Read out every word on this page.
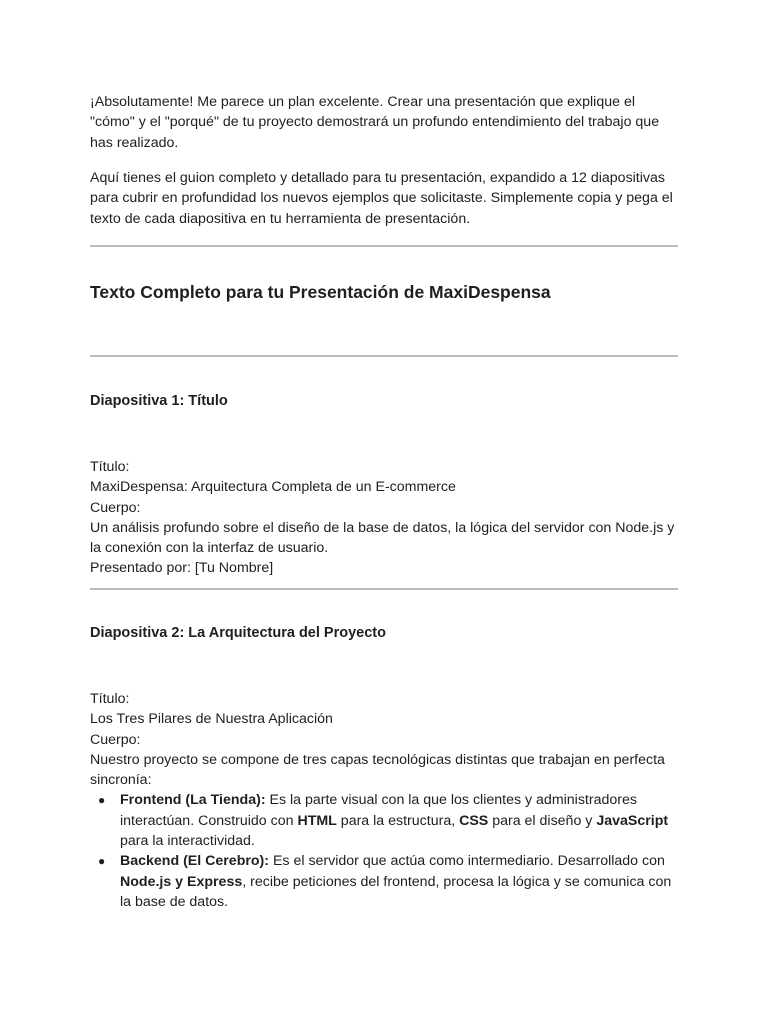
¡Absolutamente! Me parece un plan excelente. Crear una presentación que explique el "cómo" y el "porqué" de tu proyecto demostrará un profundo entendimiento del trabajo que has realizado.

Aquí tienes el guion completo y detallado para tu presentación, expandido a 12 diapositivas para cubrir en profundidad los nuevos ejemplos que solicitaste. Simplemente copia y pega el texto de cada diapositiva en tu herramienta de presentación.

Texto Completo para tu Presentación de MaxiDespensa
Diapositiva 1: Título

Título:

MaxiDespensa: Arquitectura Completa de un E-commerce

Cuerpo:

Un análisis profundo sobre el diseño de la base de datos, la lógica del servidor con Node.js y la conexión con la interfaz de usuario.

Presentado por: [Tu Nombre]

Diapositiva 2: La Arquitectura del Proyecto

Título:

Los Tres Pilares de Nuestra Aplicación

Cuerpo:

Nuestro proyecto se compone de tres capas tecnológicas distintas que trabajan en perfecta sincronía:

● Frontend (La Tienda): Es la parte visual con la que los clientes y administradores interactúan. Construido con HTML para la estructura, CSS para el diseño y JavaScript para la interactividad.
● Backend (El Cerebro): Es el servidor que actúa como intermediario. Desarrollado con Node.js y Express, recibe peticiones del frontend, procesa la lógica y se comunica con la base de datos.
